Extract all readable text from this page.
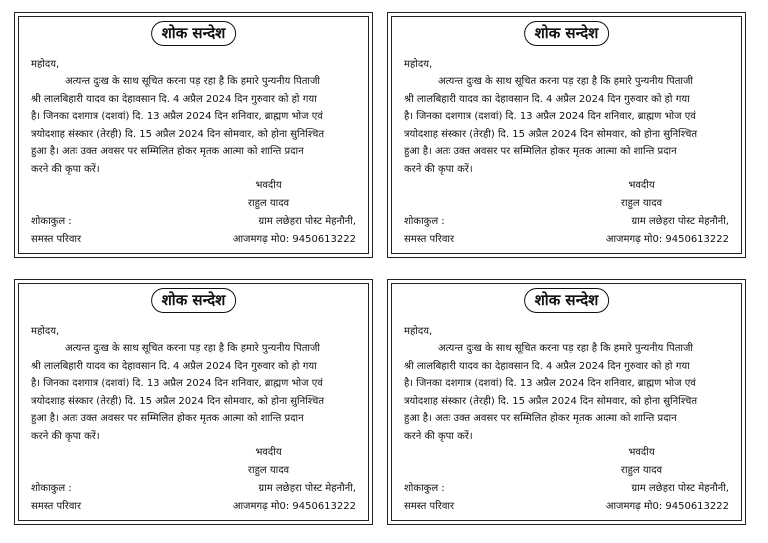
शोक सन्देश
महोदय,
अत्यन्त दुःख के साथ सूचित करना पड़ रहा है कि हमारे पुन्यनीय पिताजी
श्री लालबिहारी यादव का देहावसान दि. 4 अप्रैल 2024 दिन गुरुवार को हो गया
है। जिनका दशगात्र (दशवां) दि. 13 अप्रैल 2024 दिन शनिवार, ब्राह्मण भोज एवं
त्रयोदशाह संस्कार (तेरही) दि. 15 अप्रैल 2024 दिन सोमवार, को होना सुनिश्चित
हुआ है। अतः उक्त अवसर पर सम्मिलित होकर मृतक आत्मा को शान्ति प्रदान
करने की कृपा करें।
भवदीय
राहुल यादव
शोकाकुल :
समस्त परिवार
ग्राम लछेहरा पोस्ट मेहनौनी,
आजमगढ़ मो0: 9450613222
शोक सन्देश
महोदय,
अत्यन्त दुःख के साथ सूचित करना पड़ रहा है कि हमारे पुन्यनीय पिताजी
श्री लालबिहारी यादव का देहावसान दि. 4 अप्रैल 2024 दिन गुरुवार को हो गया
है। जिनका दशगात्र (दशवां) दि. 13 अप्रैल 2024 दिन शनिवार, ब्राह्मण भोज एवं
त्रयोदशाह संस्कार (तेरही) दि. 15 अप्रैल 2024 दिन सोमवार, को होना सुनिश्चित
हुआ है। अतः उक्त अवसर पर सम्मिलित होकर मृतक आत्मा को शान्ति प्रदान
करने की कृपा करें।
भवदीय
राहुल यादव
शोकाकुल :
समस्त परिवार
ग्राम लछेहरा पोस्ट मेहनौनी,
आजमगढ़ मो0: 9450613222
शोक सन्देश
महोदय,
अत्यन्त दुःख के साथ सूचित करना पड़ रहा है कि हमारे पुन्यनीय पिताजी
श्री लालबिहारी यादव का देहावसान दि. 4 अप्रैल 2024 दिन गुरुवार को हो गया
है। जिनका दशगात्र (दशवां) दि. 13 अप्रैल 2024 दिन शनिवार, ब्राह्मण भोज एवं
त्रयोदशाह संस्कार (तेरही) दि. 15 अप्रैल 2024 दिन सोमवार, को होना सुनिश्चित
हुआ है। अतः उक्त अवसर पर सम्मिलित होकर मृतक आत्मा को शान्ति प्रदान
करने की कृपा करें।
भवदीय
राहुल यादव
शोकाकुल :
समस्त परिवार
ग्राम लछेहरा पोस्ट मेहनौनी,
आजमगढ़ मो0: 9450613222
शोक सन्देश
महोदय,
अत्यन्त दुःख के साथ सूचित करना पड़ रहा है कि हमारे पुन्यनीय पिताजी
श्री लालबिहारी यादव का देहावसान दि. 4 अप्रैल 2024 दिन गुरुवार को हो गया
है। जिनका दशगात्र (दशवां) दि. 13 अप्रैल 2024 दिन शनिवार, ब्राह्मण भोज एवं
त्रयोदशाह संस्कार (तेरही) दि. 15 अप्रैल 2024 दिन सोमवार, को होना सुनिश्चित
हुआ है। अतः उक्त अवसर पर सम्मिलित होकर मृतक आत्मा को शान्ति प्रदान
करने की कृपा करें।
भवदीय
राहुल यादव
शोकाकुल :
समस्त परिवार
ग्राम लछेहरा पोस्ट मेहनौनी,
आजमगढ़ मो0: 9450613222
